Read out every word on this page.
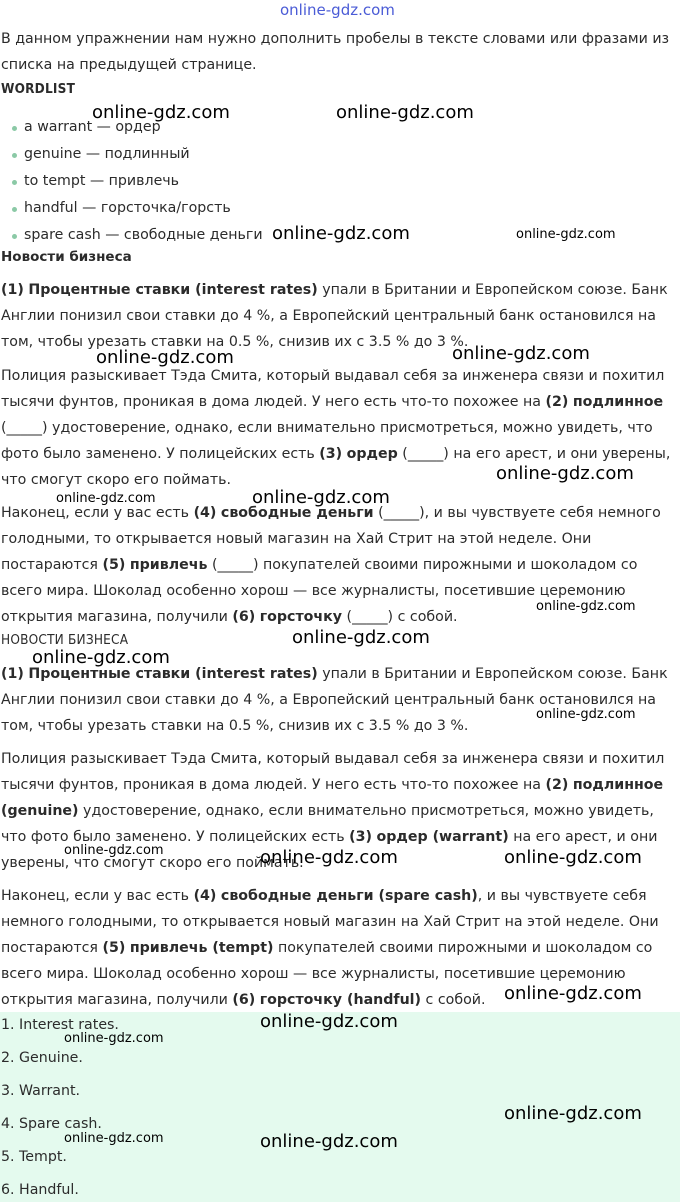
online-gdz.com

В данном упражнении нам нужно дополнить пробелы в тексте словами или фразами из списка на предыдущей странице.

WORDLIST
a warrant — ордер
genuine — подлинный
to tempt — привлечь
handful — горсточка/горсть
spare cash — свободные деньги
Новости бизнеса

(1) Процентные ставки (interest rates) упали в Британии и Европейском союзе. Банк Англии понизил свои ставки до 4 %, а Европейский центральный банк остановился на том, чтобы урезать ставки на 0.5 %, снизив их с 3.5 % до 3 %.

Полиция разыскивает Тэда Смита, который выдавал себя за инженера связи и похитил тысячи фунтов, проникая в дома людей. У него есть что-то похожее на (2) подлинное (_____) удостоверение, однако, если внимательно присмотреться, можно увидеть, что фото было заменено. У полицейских есть (3) ордер (_____) на его арест, и они уверены, что смогут скоро его поймать.

Наконец, если у вас есть (4) свободные деньги (_____), и вы чувствуете себя немного голодными, то открывается новый магазин на Хай Стрит на этой неделе. Они постараются (5) привлечь (_____) покупателей своими пирожными и шоколадом со всего мира. Шоколад особенно хорош — все журналисты, посетившие церемонию открытия магазина, получили (6) горсточку (_____) с собой.

НОВОСТИ БИЗНЕСА

(1) Процентные ставки (interest rates) упали в Британии и Европейском союзе. Банк Англии понизил свои ставки до 4 %, а Европейский центральный банк остановился на том, чтобы урезать ставки на 0.5 %, снизив их с 3.5 % до 3 %.

Полиция разыскивает Тэда Смита, который выдавал себя за инженера связи и похитил тысячи фунтов, проникая в дома людей. У него есть что-то похожее на (2) подлинное (genuine) удостоверение, однако, если внимательно присмотреться, можно увидеть, что фото было заменено. У полицейских есть (3) ордер (warrant) на его арест, и они уверены, что смогут скоро его поймать.

Наконец, если у вас есть (4) свободные деньги (spare cash), и вы чувствуете себя немного голодными, то открывается новый магазин на Хай Стрит на этой неделе. Они постараются (5) привлечь (tempt) покупателей своими пирожными и шоколадом со всего мира. Шоколад особенно хорош — все журналисты, посетившие церемонию открытия магазина, получили (6) горсточку (handful) с собой.

1. Interest rates.
2. Genuine.
3. Warrant.
4. Spare cash.
5. Tempt.
6. Handful.
online-gdz.com	online-gdz.com
online-gdz.com	online-gdz.com
online-gdz.com	online-gdz.com
online-gdz.com
online-gdz.com	online-gdz.com
online-gdz.com
online-gdz.com
online-gdz.com
online-gdz.com
online-gdz.com	online-gdz.com	online-gdz.com
online-gdz.com
online-gdz.com
online-gdz.com
online-gdz.com
online-gdz.com	online-gdz.com
